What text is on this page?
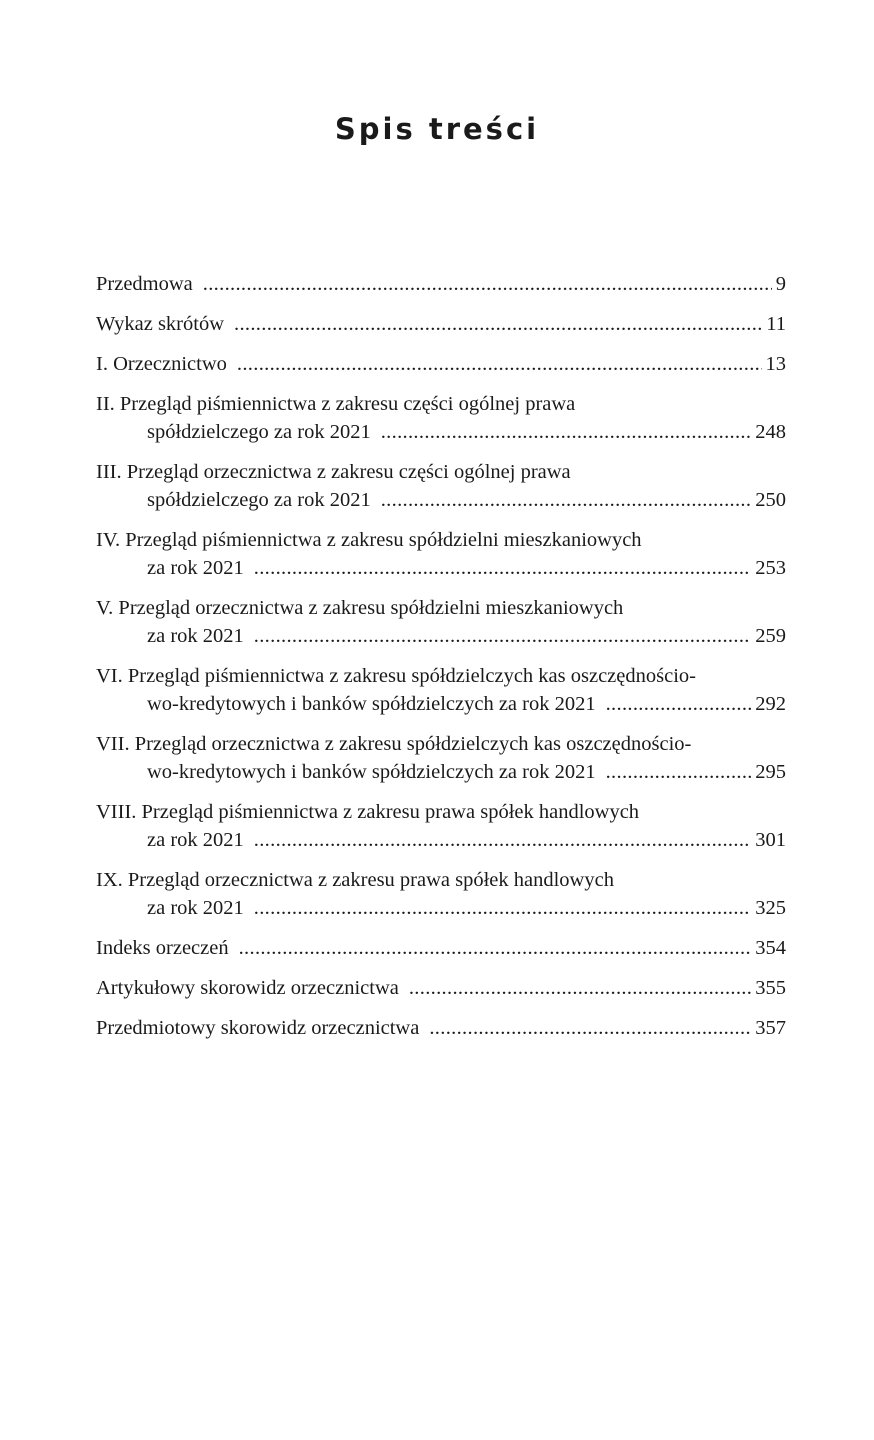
Spis treści
Przedmowa . . .	9
Wykaz skrótów . . .	11
I. Orzecznictwo . . .	13
II. Przegląd piśmiennictwa z zakresu części ogólnej prawa
spółdzielczego za rok 2021 . . .	248
III. Przegląd orzecznictwa z zakresu części ogólnej prawa
spółdzielczego za rok 2021 . . .	250
IV. Przegląd piśmiennictwa z zakresu spółdzielni mieszkaniowych
za rok 2021 . . .	253
V. Przegląd orzecznictwa z zakresu spółdzielni mieszkaniowych
za rok 2021 . . .	259
VI. Przegląd piśmiennictwa z zakresu spółdzielczych kas oszczędnościo-
wo-kredytowych i banków spółdzielczych za rok 2021 . . .	292
VII. Przegląd orzecznictwa z zakresu spółdzielczych kas oszczędnościo-
wo-kredytowych i banków spółdzielczych za rok 2021 . . .	295
VIII. Przegląd piśmiennictwa z zakresu prawa spółek handlowych
za rok 2021 . . .	301
IX. Przegląd orzecznictwa z zakresu prawa spółek handlowych
za rok 2021 . . .	325
Indeks orzeczeń . . .	354
Artykułowy skorowidz orzecznictwa . . .	355
Przedmiotowy skorowidz orzecznictwa . . .	357
